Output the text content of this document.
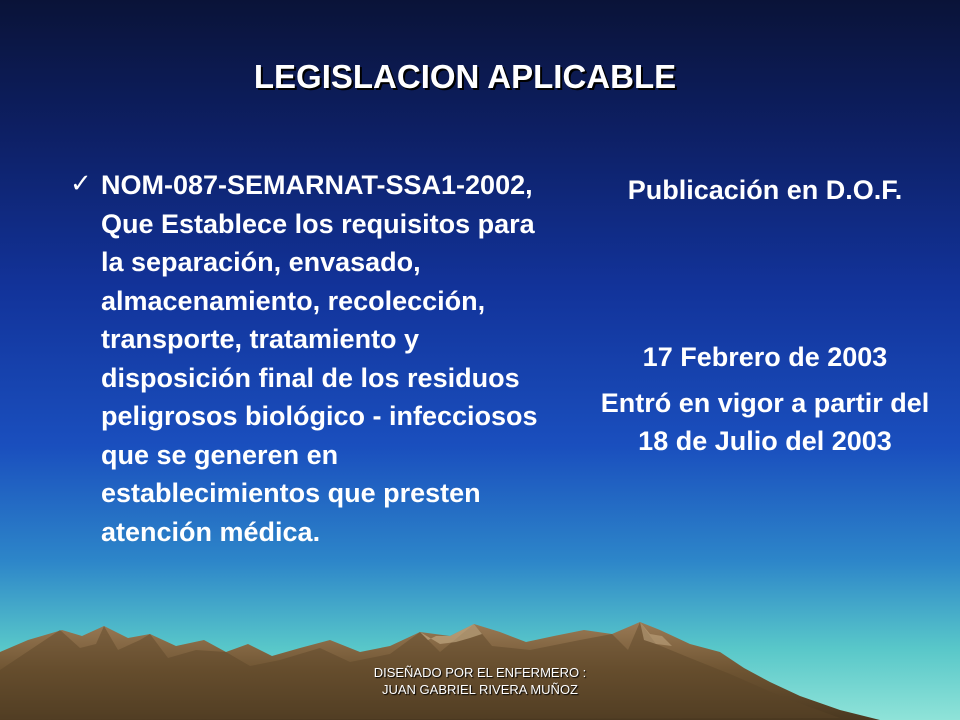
LEGISLACION APLICABLE
✓ NOM-087-SEMARNAT-SSA1-2002, Que Establece los requisitos para la separación, envasado, almacenamiento, recolección, transporte, tratamiento y disposición final de los residuos peligrosos biológico - infecciosos que se generen en establecimientos que presten atención médica.
Publicación en D.O.F.
17 Febrero de 2003
Entró en vigor a partir del 18 de Julio del 2003
DISEÑADO POR EL ENFERMERO :
JUAN GABRIEL RIVERA MUÑOZ
